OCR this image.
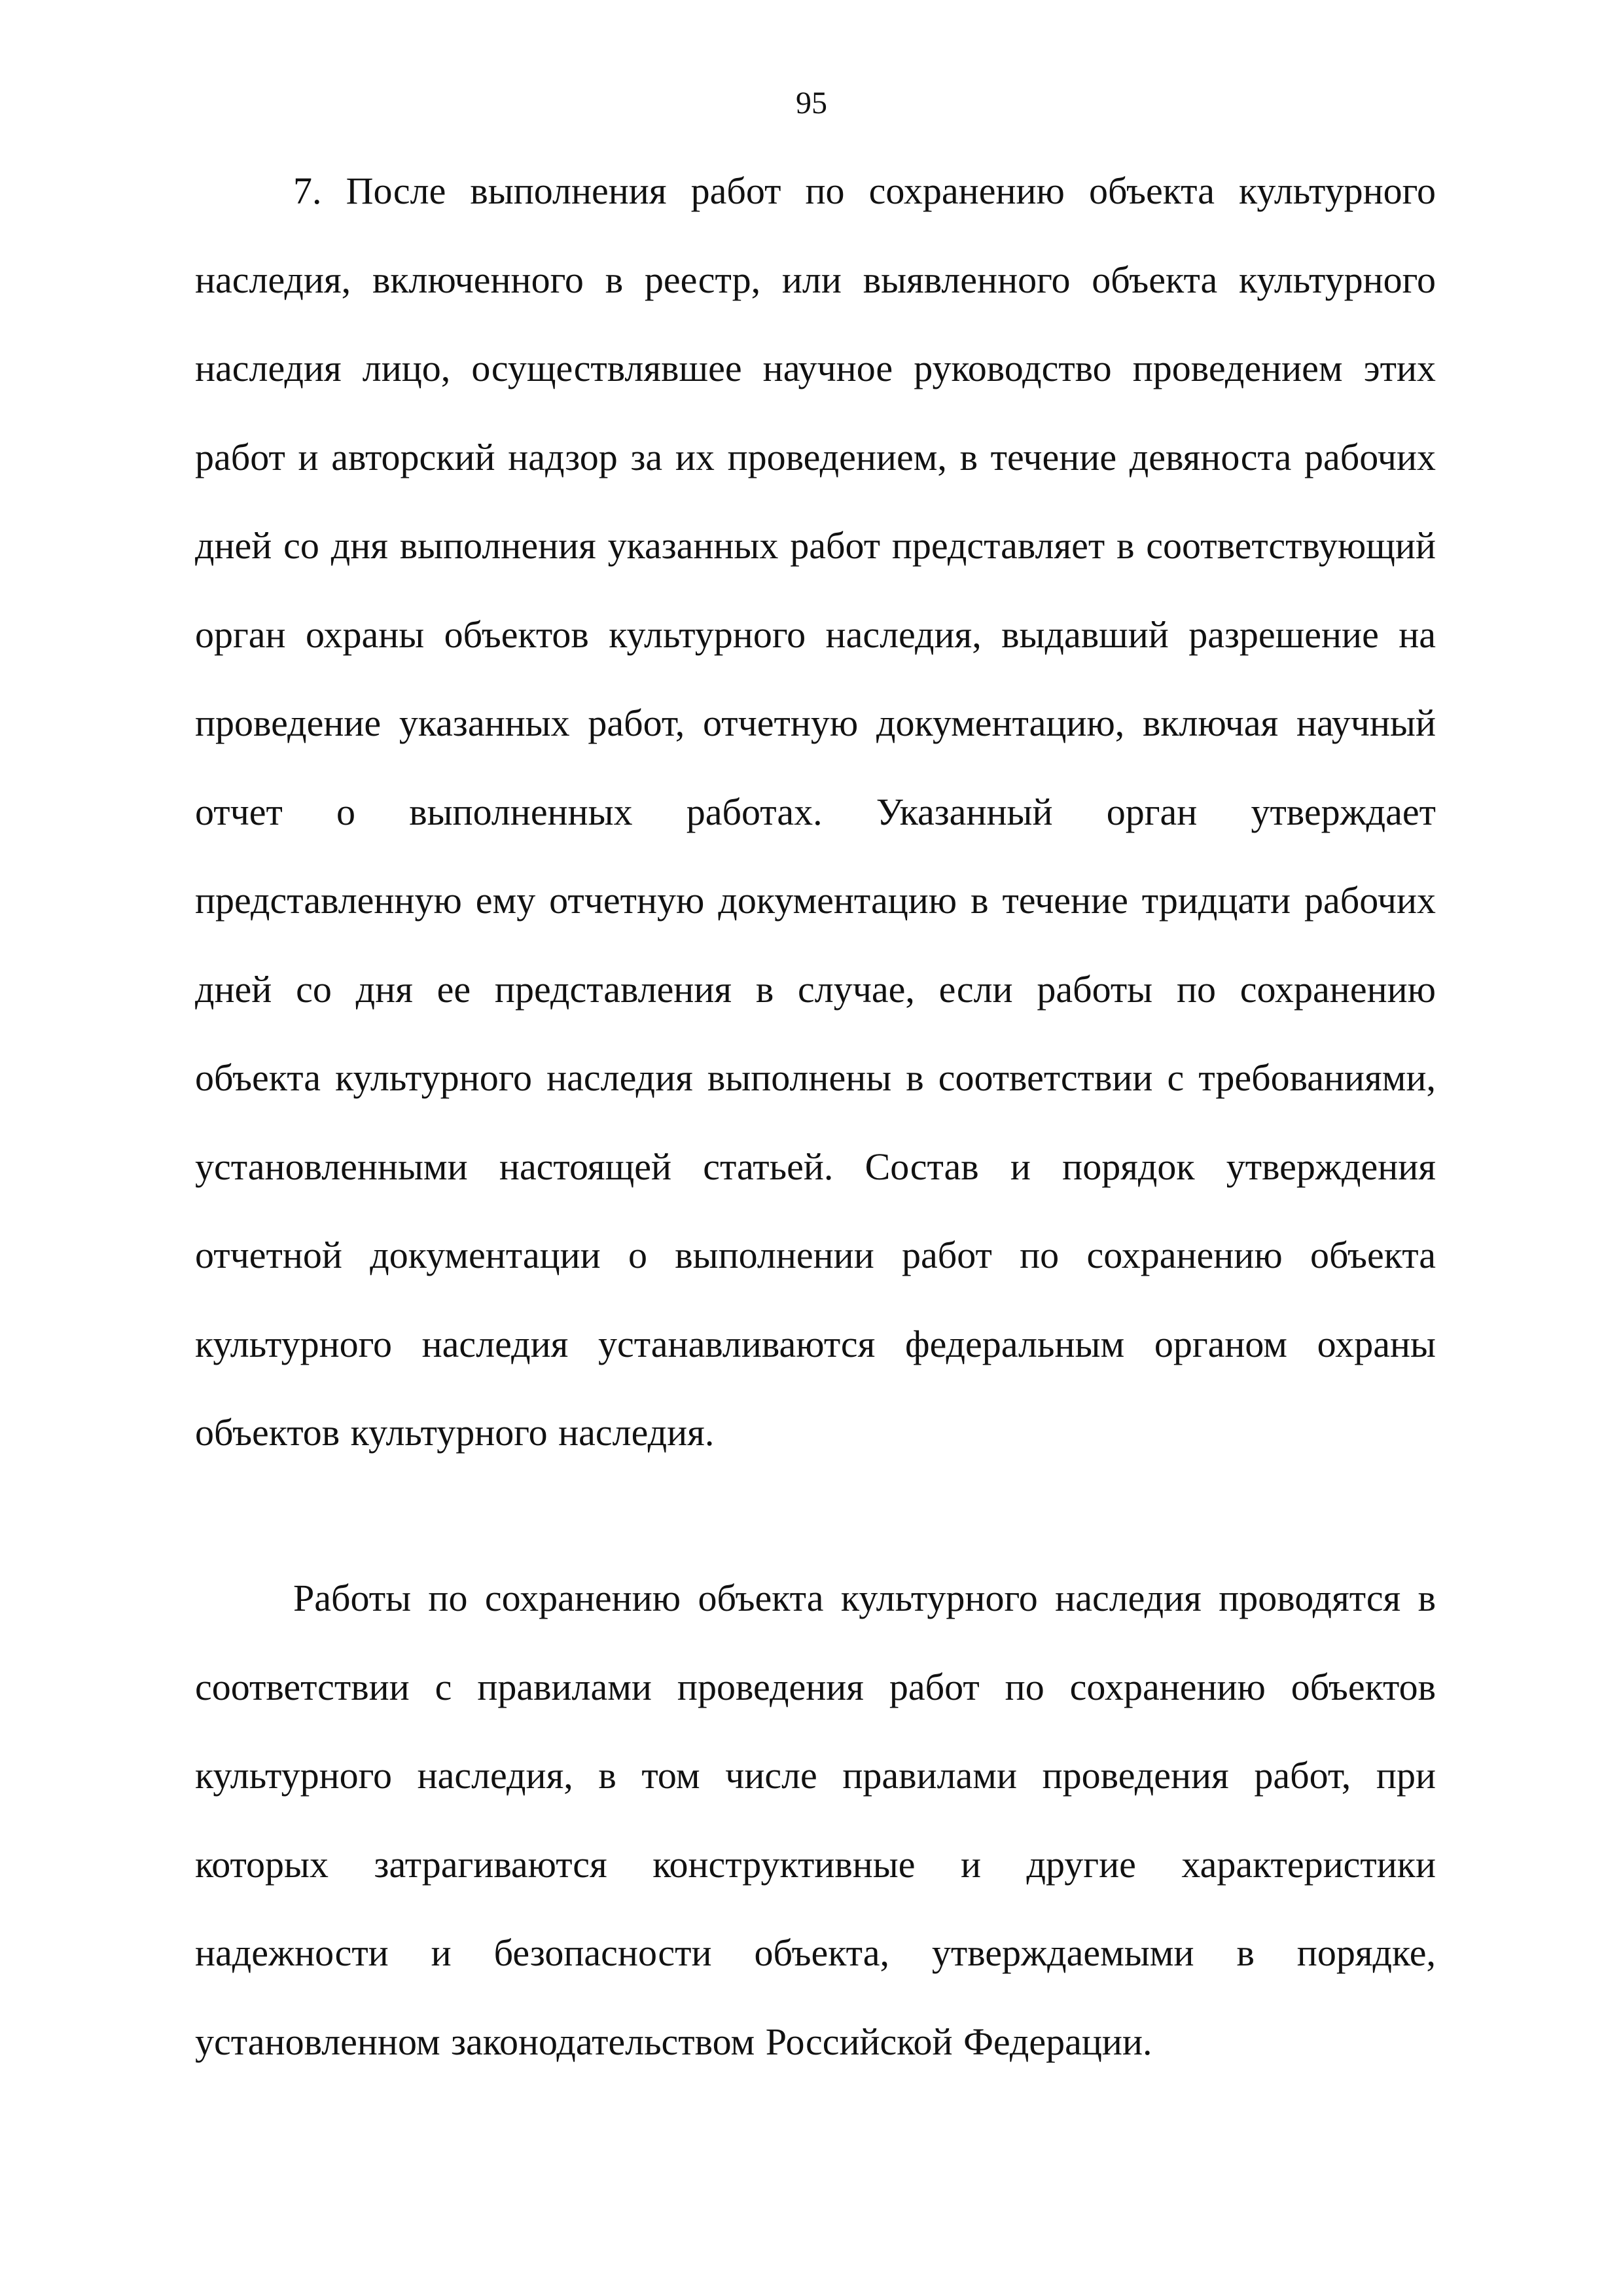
95

7. После выполнения работ по сохранению объекта культурного наследия, включенного в реестр, или выявленного объекта культурного наследия лицо, осуществлявшее научное руководство проведением этих работ и авторский надзор за их проведением, в течение девяноста рабочих дней со дня выполнения указанных работ представляет в соответствующий орган охраны объектов культурного наследия, выдавший разрешение на проведение указанных работ, отчетную документацию, включая научный отчет о выполненных работах. Указанный орган утверждает представленную ему отчетную документацию в течение тридцати рабочих дней со дня ее представления в случае, если работы по сохранению объекта культурного наследия выполнены в соответствии с требованиями, установленными настоящей статьей. Состав и порядок утверждения отчетной документации о выполнении работ по сохранению объекта культурного наследия устанавливаются федеральным органом охраны объектов культурного наследия.

Работы по сохранению объекта культурного наследия проводятся в соответствии с правилами проведения работ по сохранению объектов культурного наследия, в том числе правилами проведения работ, при которых затрагиваются конструктивные и другие характеристики надежности и безопасности объекта, утверждаемыми в порядке, установленном законодательством Российской Федерации.
